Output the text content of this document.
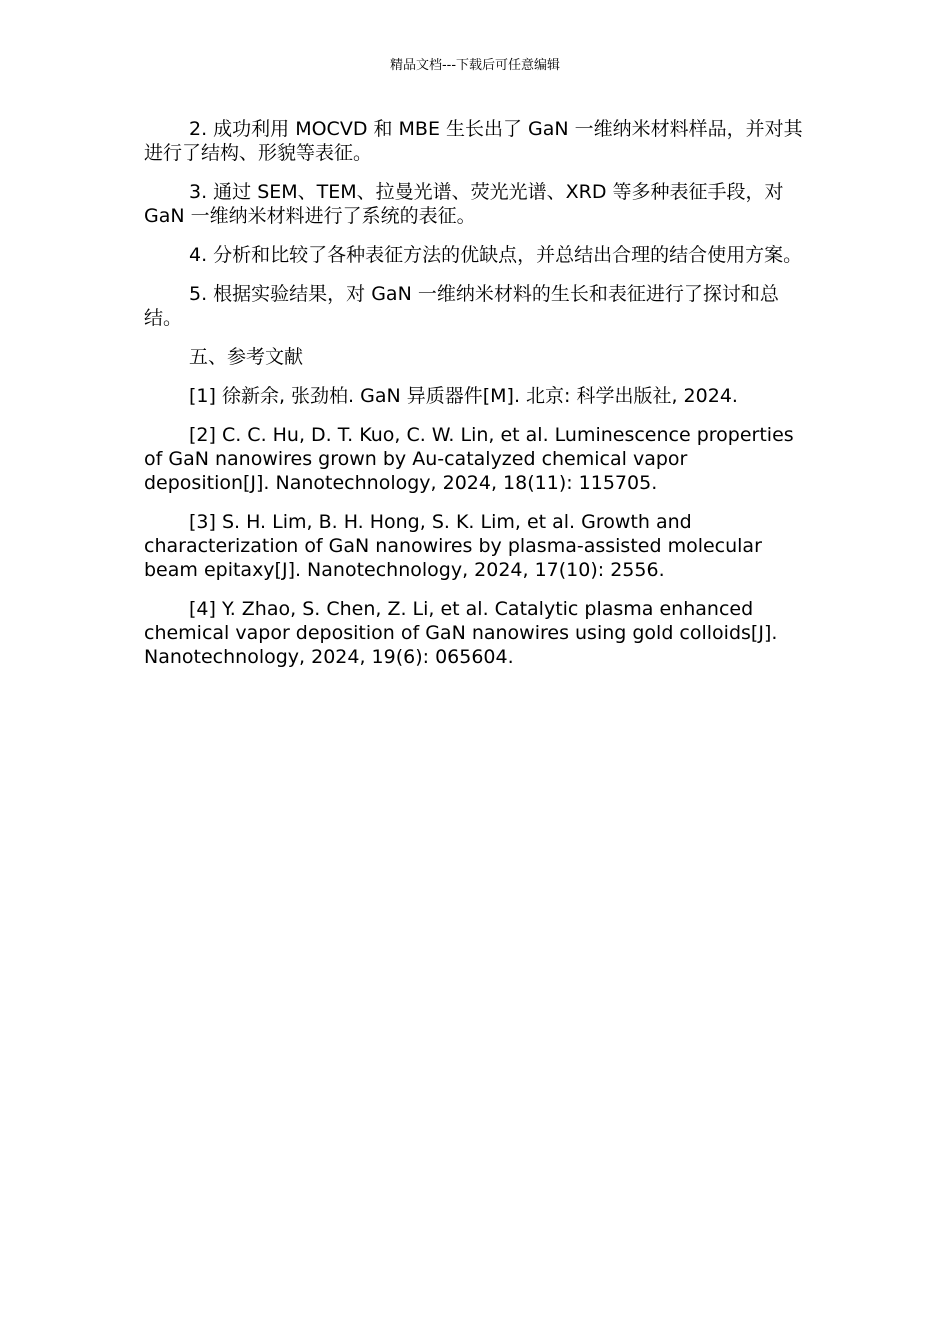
精品文档---下载后可任意编辑

2. 成功利用 MOCVD 和 MBE 生长出了 GaN 一维纳米材料样品，并对其进行了结构、形貌等表征。

3. 通过 SEM、TEM、拉曼光谱、荧光光谱、XRD 等多种表征手段，对 GaN 一维纳米材料进行了系统的表征。

4. 分析和比较了各种表征方法的优缺点，并总结出合理的结合使用方案。

5. 根据实验结果，对 GaN 一维纳米材料的生长和表征进行了探讨和总结。

五、参考文献

[1] 徐新余, 张劲柏. GaN 异质器件[M]. 北京: 科学出版社, 2024.

[2] C. C. Hu, D. T. Kuo, C. W. Lin, et al. Luminescence properties of GaN nanowires grown by Au-catalyzed chemical vapor deposition[J]. Nanotechnology, 2024, 18(11): 115705.

[3] S. H. Lim, B. H. Hong, S. K. Lim, et al. Growth and characterization of GaN nanowires by plasma-assisted molecular beam epitaxy[J]. Nanotechnology, 2024, 17(10): 2556.

[4] Y. Zhao, S. Chen, Z. Li, et al. Catalytic plasma enhanced chemical vapor deposition of GaN nanowires using gold colloids[J]. Nanotechnology, 2024, 19(6): 065604.
